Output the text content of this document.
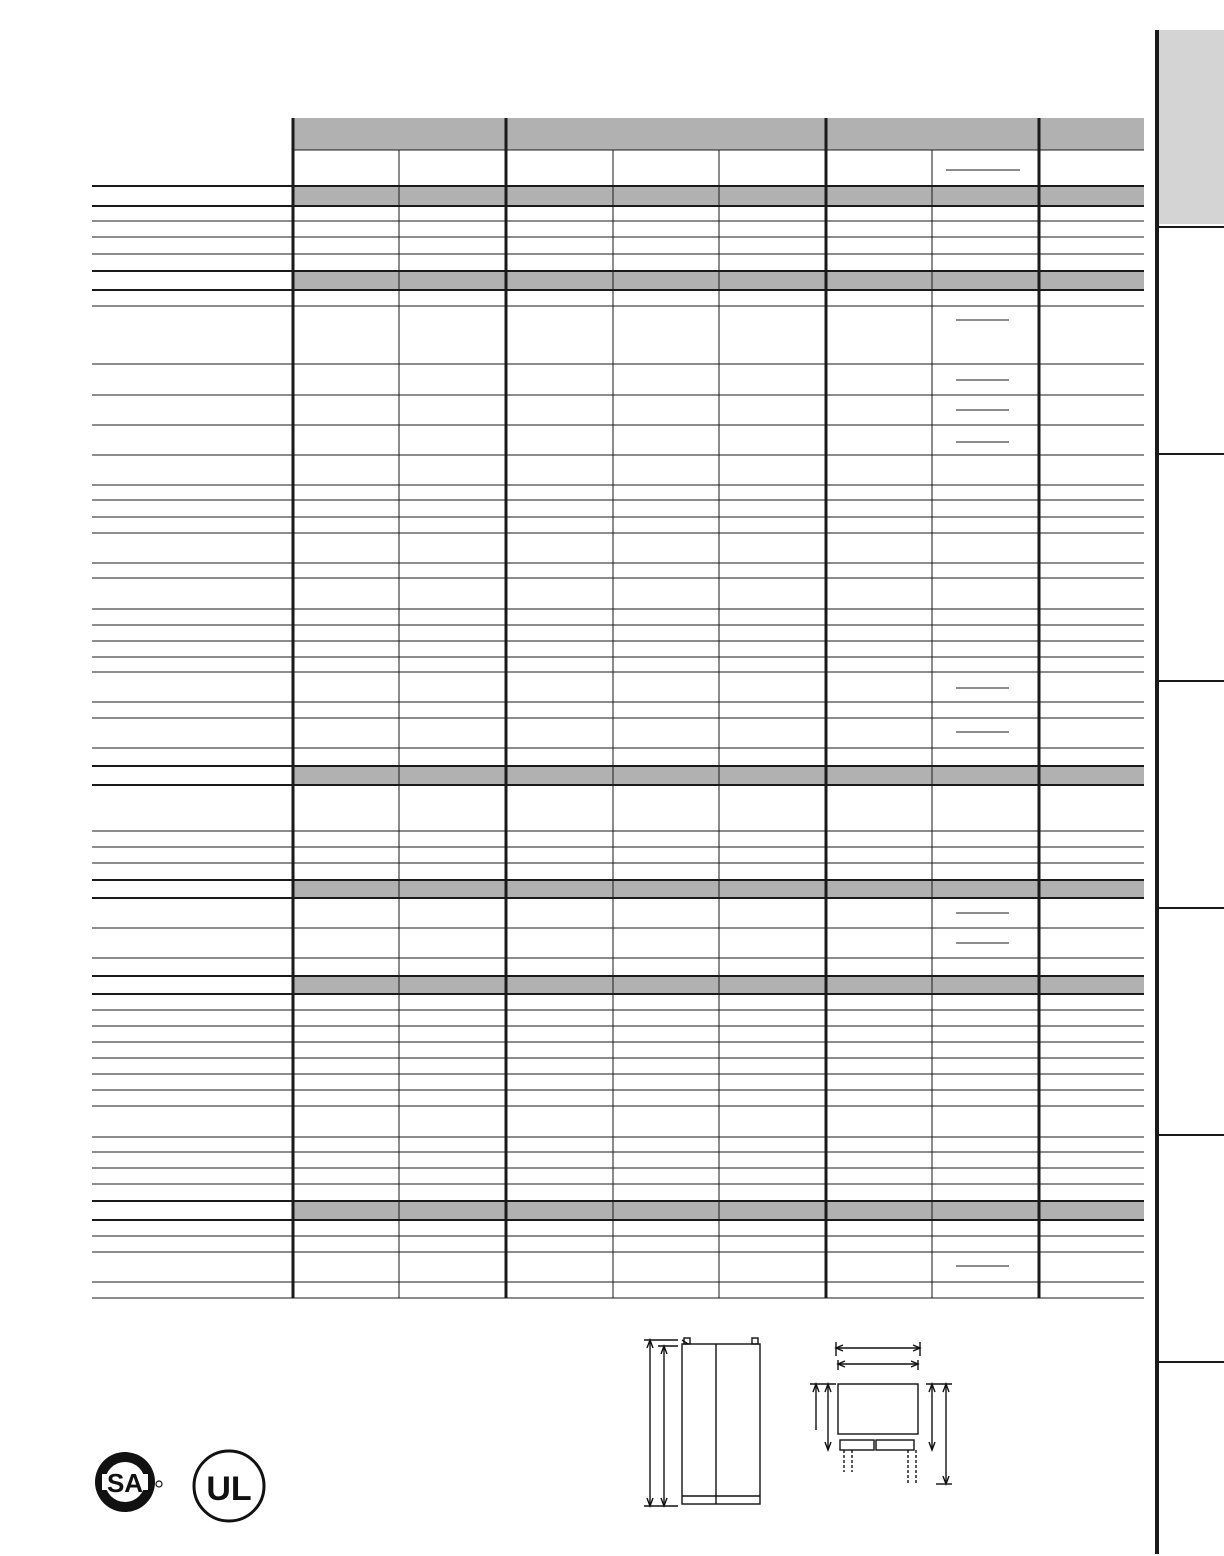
SA UL
